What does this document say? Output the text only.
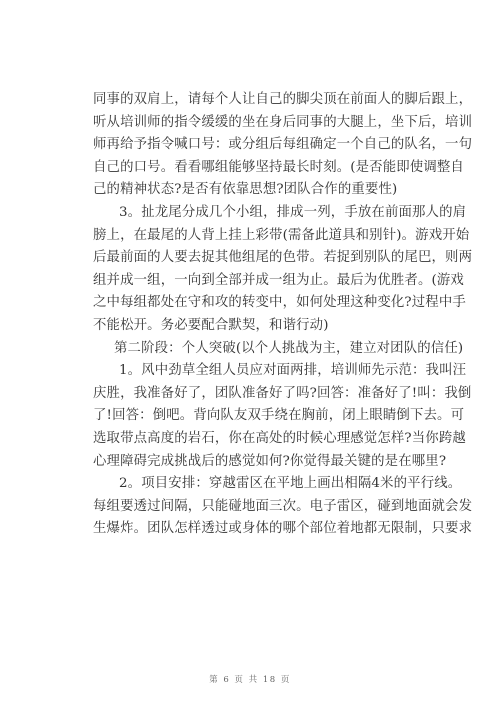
同事的双肩上，请每个人让自己的脚尖顶在前面人的脚后跟上，
听从培训师的指令缓缓的坐在身后同事的大腿上，坐下后，培训
师再给予指令喊口号：或分组后每组确定一个自己的队名，一句
自己的口号。看看哪组能够坚持最长时刻。(是否能即使调整自
己的精神状态?是否有依靠思想?团队合作的重要性)
3。扯龙尾分成几个小组，排成一列，手放在前面那人的肩
膀上，在最尾的人背上挂上彩带(需备此道具和别针)。游戏开始
后最前面的人要去捉其他组尾的色带。若捉到别队的尾巴，则两
组并成一组，一向到全部并成一组为止。最后为优胜者。(游戏
之中每组都处在守和攻的转变中，如何处理这种变化?过程中手
不能松开。务必要配合默契，和谐行动)
第二阶段：个人突破(以个人挑战为主，建立对团队的信任)
1。风中劲草全组人员应对面两排，培训师先示范：我叫汪
庆胜，我准备好了，团队准备好了吗?回答：准备好了!叫：我倒
了!回答：倒吧。背向队友双手绕在胸前，闭上眼睛倒下去。可
选取带点高度的岩石，你在高处的时候心理感觉怎样?当你跨越
心理障碍完成挑战后的感觉如何?你觉得最关键的是在哪里?
2。项目安排：穿越雷区在平地上画出相隔4米的平行线。
每组要透过间隔，只能碰地面三次。电子雷区，碰到地面就会发
生爆炸。团队怎样透过或身体的哪个部位着地都无限制，只要求
第 6 页 共 18 页
